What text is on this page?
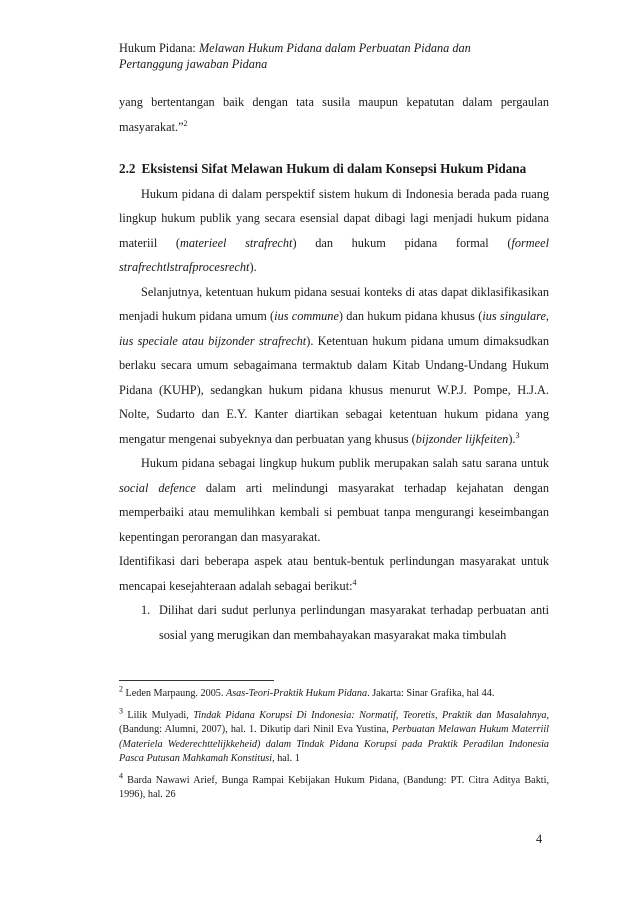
Hukum Pidana: Melawan Hukum Pidana dalam Perbuatan Pidana dan
Pertanggung jawaban Pidana

yang bertentangan baik dengan tata susila maupun kepatutan dalam pergaulan masyarakat.”$^2$

2.2 Eksistensi Sifat Melawan Hukum di dalam Konsepsi Hukum Pidana

Hukum pidana di dalam perspektif sistem hukum di Indonesia berada pada ruang lingkup hukum publik yang secara esensial dapat dibagi lagi menjadi hukum pidana materiil (materieel strafrecht) dan hukum pidana formal (formeel strafrechtlstrafprocesrecht).

Selanjutnya, ketentuan hukum pidana sesuai konteks di atas dapat diklasifikasikan menjadi hukum pidana umum (ius commune) dan hukum pidana khusus (ius singulare, ius speciale atau bijzonder strafrecht). Ketentuan hukum pidana umum dimaksudkan berlaku secara umum sebagaimana termaktub dalam Kitab Undang-Undang Hukum Pidana (KUHP), sedangkan hukum pidana khusus menurut W.P.J. Pompe, H.J.A. Nolte, Sudarto dan E.Y. Kanter diartikan sebagai ketentuan hukum pidana yang mengatur mengenai subyeknya dan perbuatan yang khusus (bijzonder lijkfeiten).$^3$

Hukum pidana sebagai lingkup hukum publik merupakan salah satu sarana untuk social defence dalam arti melindungi masyarakat terhadap kejahatan dengan memperbaiki atau memulihkan kembali si pembuat tanpa mengurangi keseimbangan kepentingan perorangan dan masyarakat.

Identifikasi dari beberapa aspek atau bentuk-bentuk perlindungan masyarakat untuk mencapai kesejahteraan adalah sebagai berikut:$^4$

1. Dilihat dari sudut perlunya perlindungan masyarakat terhadap perbuatan anti sosial yang merugikan dan membahayakan masyarakat maka timbulah

$^2$ Leden Marpaung. 2005. Asas-Teori-Praktik Hukum Pidana. Jakarta: Sinar Grafika, hal 44.

$^3$ Lilik Mulyadi, Tindak Pidana Korupsi Di Indonesia: Normatif, Teoretis, Praktik dan Masalahnya, (Bandung: Alumni, 2007), hal. 1. Dikutip dari Ninil Eva Yustina, Perbuatan Melawan Hukum Materriil (Materiela Wederechttelijkkeheid) dalam Tindak Pidana Korupsi pada Praktik Peradilan Indonesia Pasca Putusan Mahkamah Konstitusi, hal. 1

$^4$ Barda Nawawi Arief, Bunga Rampai Kebijakan Hukum Pidana, (Bandung: PT. Citra Aditya Bakti, 1996), hal. 26

4
